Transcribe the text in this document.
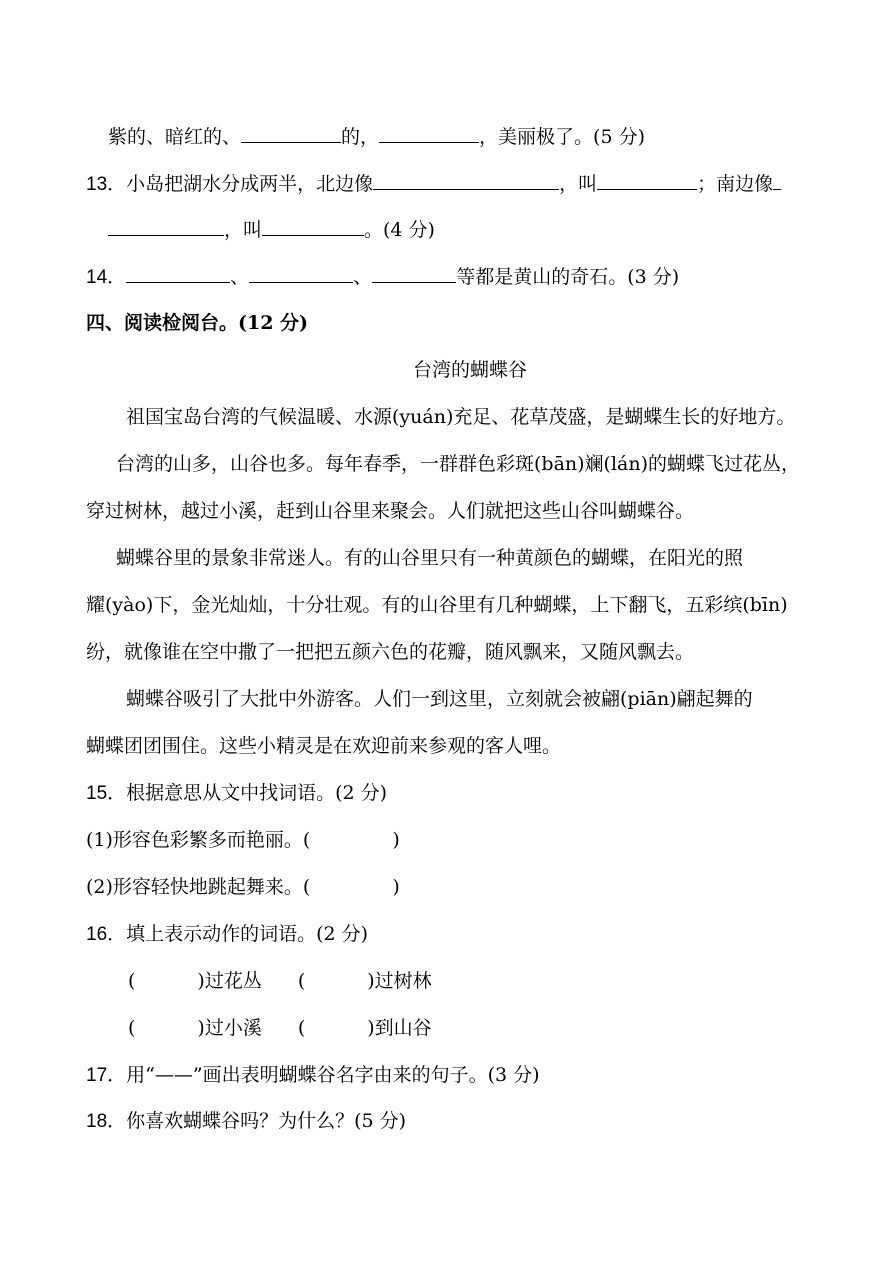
紫的、暗红的、	的，	，美丽极了。(5 分)
13．小岛把湖水分成两半，北边像	，叫	；南边像
，叫	。(4 分)
14．	、	、	等都是黄山的奇石。(3 分)
四、阅读检阅台。(12 分)
台湾的蝴蝶谷
祖国宝岛台湾的气候温暖、水源(yuán)充足、花草茂盛，是蝴蝶生长的好地方。
台湾的山多，山谷也多。每年春季，一群群色彩斑(bān)斓(lán)的蝴蝶飞过花丛，
穿过树林，越过小溪，赶到山谷里来聚会。人们就把这些山谷叫蝴蝶谷。
蝴蝶谷里的景象非常迷人。有的山谷里只有一种黄颜色的蝴蝶，在阳光的照
耀(yào)下，金光灿灿，十分壮观。有的山谷里有几种蝴蝶，上下翻飞，五彩缤(bīn)
纷，就像谁在空中撒了一把把五颜六色的花瓣，随风飘来，又随风飘去。
蝴蝶谷吸引了大批中外游客。人们一到这里，立刻就会被翩(piān)翩起舞的
蝴蝶团团围住。这些小精灵是在欢迎前来参观的客人哩。
15．根据意思从文中找词语。(2 分)
(1)形容色彩繁多而艳丽。(	)
(2)形容轻快地跳起舞来。(	)
16．填上表示动作的词语。(2 分)
(	)过花丛 (	)过树林
(	)过小溪 (	)到山谷
17．用“——”画出表明蝴蝶谷名字由来的句子。(3 分)
18．你喜欢蝴蝶谷吗？为什么？(5 分)
